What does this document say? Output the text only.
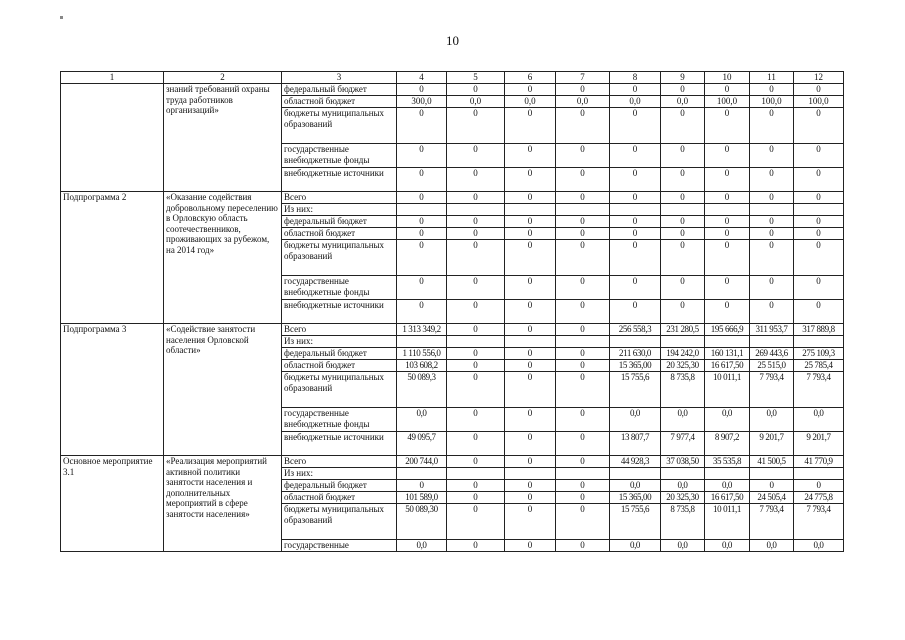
10
1	2	3	4	5	6	7	8	9	10	11	12
	знаний требований охраны труда работников организаций»	федеральный бюджет	0	0	0	0	0	0	0	0	0
		областной бюджет	300,0	0,0	0,0	0,0	0,0	0,0	100,0	100,0	100,0
		бюджеты муниципальных образований	0	0	0	0	0	0	0	0	0
		государственные внебюджетные фонды	0	0	0	0	0	0	0	0	0
		внебюджетные источники	0	0	0	0	0	0	0	0	0
Подпрограмма 2	«Оказание содействия добровольному переселению в Орловскую область соотечественников, проживающих за рубежом, на 2014 год»	Всего	0	0	0	0	0	0	0	0	0
		Из них:									
		федеральный бюджет	0	0	0	0	0	0	0	0	0
		областной бюджет	0	0	0	0	0	0	0	0	0
		бюджеты муниципальных образований	0	0	0	0	0	0	0	0	0
		государственные внебюджетные фонды	0	0	0	0	0	0	0	0	0
		внебюджетные источники	0	0	0	0	0	0	0	0	0
Подпрограмма 3	«Содействие занятости населения Орловской области»	Всего	1 313 349,2	0	0	0	256 558,3	231 280,5	195 666,9	311 953,7	317 889,8
		Из них:									
		федеральный бюджет	1 110 556,0	0	0	0	211 630,0	194 242,0	160 131,1	269 443,6	275 109,3
		областной бюджет	103 608,2	0	0	0	15 365,00	20 325,30	16 617,50	25 515,0	25 785,4
		бюджеты муниципальных образований	50 089,3	0	0	0	15 755,6	8 735,8	10 011,1	7 793,4	7 793,4
		государственные внебюджетные фонды	0,0	0	0	0	0,0	0,0	0,0	0,0	0,0
		внебюджетные источники	49 095,7	0	0	0	13 807,7	7 977,4	8 907,2	9 201,7	9 201,7
Основное мероприятие 3.1	«Реализация мероприятий активной политики занятости населения и дополнительных мероприятий в сфере занятости населения»	Всего	200 744,0	0	0	0	44 928,3	37 038,50	35 535,8	41 500,5	41 770,9
		Из них:									
		федеральный бюджет	0	0	0	0	0,0	0,0	0,0	0	0
		областной бюджет	101 589,0	0	0	0	15 365,00	20 325,30	16 617,50	24 505,4	24 775,8
		бюджеты муниципальных образований	50 089,30	0	0	0	15 755,6	8 735,8	10 011,1	7 793,4	7 793,4
		государственные	0,0	0	0	0	0,0	0,0	0,0	0,0	0,0
